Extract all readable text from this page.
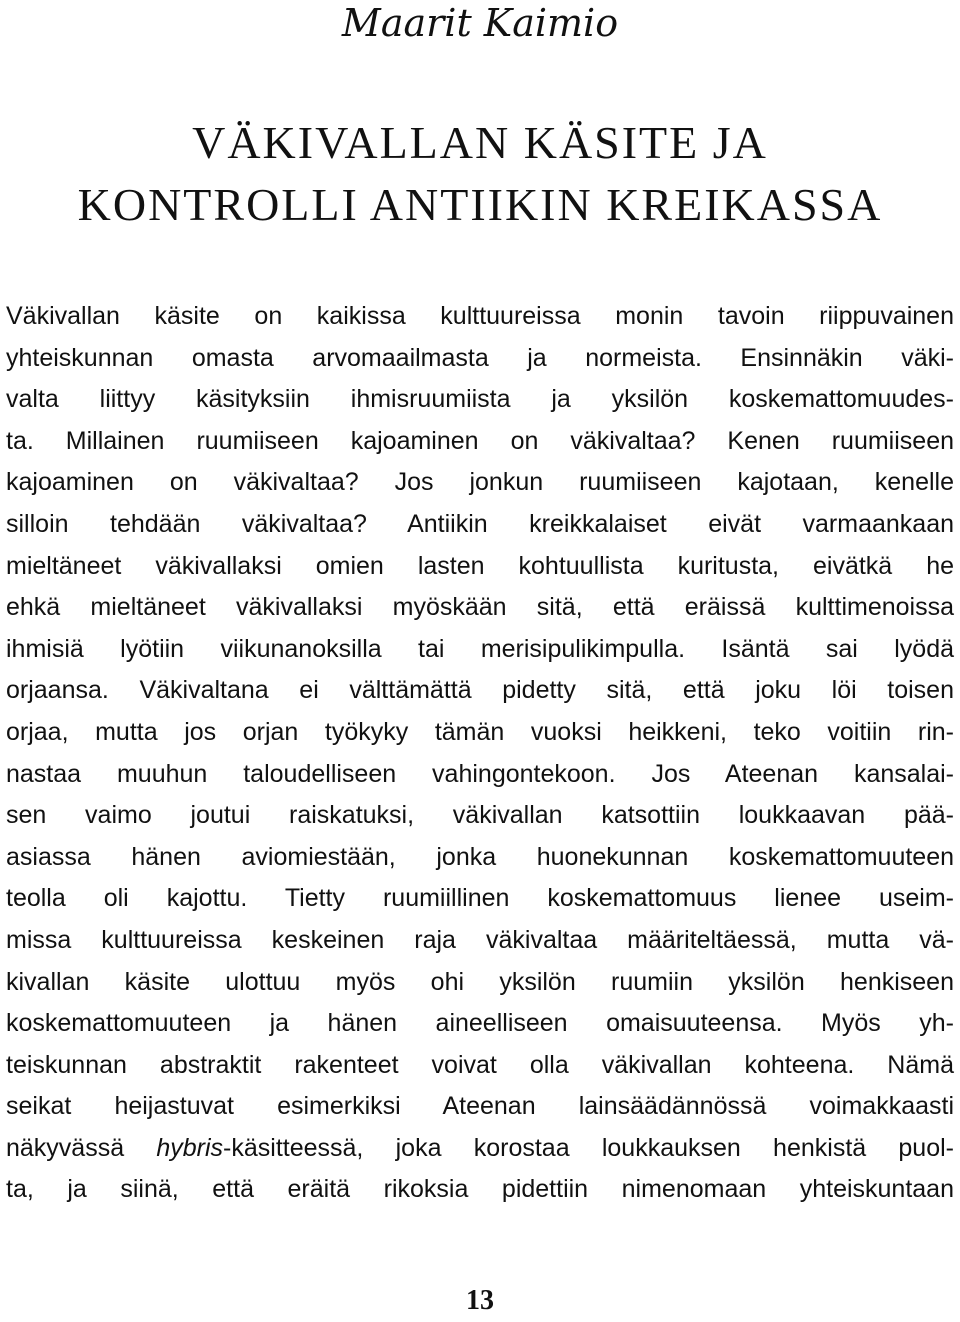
Maarit Kaimio
VÄKIVALLAN KÄSITE JA
KONTROLLI ANTIIKIN KREIKASSA
Väkivallan käsite on kaikissa kulttuureissa monin tavoin riippuvainen
yhteiskunnan omasta arvomaailmasta ja normeista. Ensinnäkin väki-
valta liittyy käsityksiin ihmisruumiista ja yksilön koskemattomuudes-
ta. Millainen ruumiiseen kajoaminen on väkivaltaa? Kenen ruumiiseen
kajoaminen on väkivaltaa? Jos jonkun ruumiiseen kajotaan, kenelle
silloin tehdään väkivaltaa? Antiikin kreikkalaiset eivät varmaankaan
mieltäneet väkivallaksi omien lasten kohtuullista kuritusta, eivätkä he
ehkä mieltäneet väkivallaksi myöskään sitä, että eräissä kulttimenoissa
ihmisiä lyötiin viikunanoksilla tai merisipulikimpulla. Isäntä sai lyödä
orjaansa. Väkivaltana ei välttämättä pidetty sitä, että joku löi toisen
orjaa, mutta jos orjan työkyky tämän vuoksi heikkeni, teko voitiin rin-
nastaa muuhun taloudelliseen vahingontekoon. Jos Ateenan kansalai-
sen vaimo joutui raiskatuksi, väkivallan katsottiin loukkaavan pää-
asiassa hänen aviomiestään, jonka huonekunnan koskemattomuuteen
teolla oli kajottu. Tietty ruumiillinen koskemattomuus lienee useim-
missa kulttuureissa keskeinen raja väkivaltaa määriteltäessä, mutta vä-
kivallan käsite ulottuu myös ohi yksilön ruumiin yksilön henkiseen
koskemattomuuteen ja hänen aineelliseen omaisuuteensa. Myös yh-
teiskunnan abstraktit rakenteet voivat olla väkivallan kohteena. Nämä
seikat heijastuvat esimerkiksi Ateenan lainsäädännössä voimakkaasti
näkyvässä hybris-käsitteessä, joka korostaa loukkauksen henkistä puol-
ta, ja siinä, että eräitä rikoksia pidettiin nimenomaan yhteiskuntaan
13
